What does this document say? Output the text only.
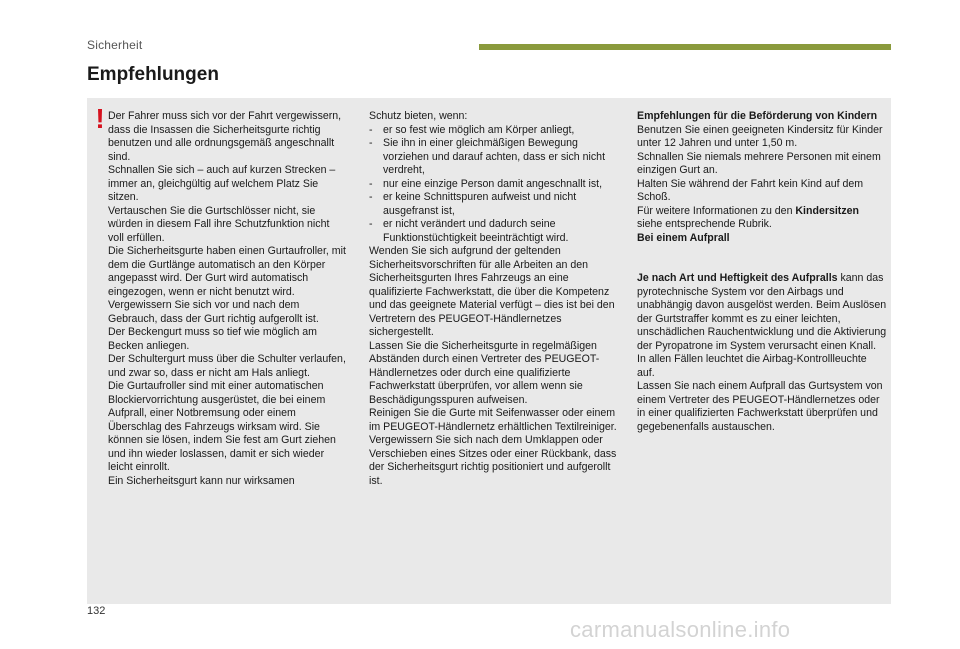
Sicherheit
Empfehlungen
! Der Fahrer muss sich vor der Fahrt vergewissern, dass die Insassen die Sicherheitsgurte richtig benutzen und alle ordnungsgemäß angeschnallt sind.

Schnallen Sie sich – auch auf kurzen Strecken – immer an, gleichgültig auf welchem Platz Sie sitzen.

Vertauschen Sie die Gurtschlösser nicht, sie würden in diesem Fall ihre Schutzfunktion nicht voll erfüllen.

Die Sicherheitsgurte haben einen Gurtaufroller, mit dem die Gurtlänge automatisch an den Körper angepasst wird. Der Gurt wird automatisch eingezogen, wenn er nicht benutzt wird.

Vergewissern Sie sich vor und nach dem Gebrauch, dass der Gurt richtig aufgerollt ist.

Der Beckengurt muss so tief wie möglich am Becken anliegen.

Der Schultergurt muss über die Schulter verlaufen, und zwar so, dass er nicht am Hals anliegt.

Die Gurtaufroller sind mit einer automatischen Blockiervorrichtung ausgerüstet, die bei einem Aufprall, einer Notbremsung oder einem Überschlag des Fahrzeugs wirksam wird. Sie können sie lösen, indem Sie fest am Gurt ziehen und ihn wieder loslassen, damit er sich wieder leicht einrollt.

Ein Sicherheitsgurt kann nur wirksamen

Schutz bieten, wenn:

- er so fest wie möglich am Körper anliegt,
- Sie ihn in einer gleichmäßigen Bewegung vorziehen und darauf achten, dass er sich nicht verdreht,
- nur eine einzige Person damit angeschnallt ist,
- er keine Schnittspuren aufweist und nicht ausgefranst ist,
- er nicht verändert und dadurch seine Funktionstüchtigkeit beeinträchtigt wird.

Wenden Sie sich aufgrund der geltenden Sicherheitsvorschriften für alle Arbeiten an den Sicherheitsgurten Ihres Fahrzeugs an eine qualifizierte Fachwerkstatt, die über die Kompetenz und das geeignete Material verfügt – dies ist bei den Vertretern des PEUGEOT-Händlernetzes sichergestellt.

Lassen Sie die Sicherheitsgurte in regelmäßigen Abständen durch einen Vertreter des PEUGEOT-Händlernetzes oder durch eine qualifizierte Fachwerkstatt überprüfen, vor allem wenn sie Beschädigungsspuren aufweisen.

Reinigen Sie die Gurte mit Seifenwasser oder einem im PEUGEOT-Händlernetz erhältlichen Textilreiniger.

Vergewissern Sie sich nach dem Umklappen oder Verschieben eines Sitzes oder einer Rückbank, dass der Sicherheitsgurt richtig positioniert und aufgerollt ist.

Empfehlungen für die Beförderung von Kindern

Benutzen Sie einen geeigneten Kindersitz für Kinder unter 12 Jahren und unter 1,50 m.

Schnallen Sie niemals mehrere Personen mit einem einzigen Gurt an.

Halten Sie während der Fahrt kein Kind auf dem Schoß.

Für weitere Informationen zu den Kindersitzen siehe entsprechende Rubrik.

Bei einem Aufprall

Je nach Art und Heftigkeit des Aufpralls kann das pyrotechnische System vor den Airbags und unabhängig davon ausgelöst werden. Beim Auslösen der Gurtstraffer kommt es zu einer leichten, unschädlichen Rauchentwicklung und die Aktivierung der Pyropatrone im System verursacht einen Knall.

In allen Fällen leuchtet die Airbag-Kontrollleuchte auf.

Lassen Sie nach einem Aufprall das Gurtsystem von einem Vertreter des PEUGEOT-Händlernetzes oder in einer qualifizierten Fachwerkstatt überprüfen und gegebenenfalls austauschen.

132
carmanualsonline.info
